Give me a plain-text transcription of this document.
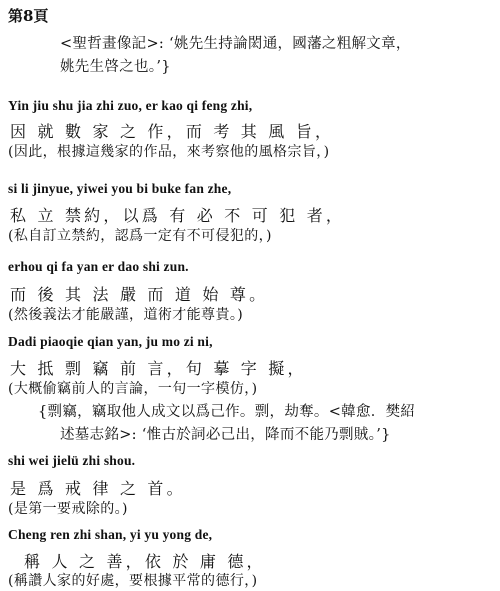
第8頁
<聖哲畫像記>: ‘姚先生持論閎通，國藩之粗解文章，
姚先生啓之也。’}
Yin jiu shu jia zhi zuo, er kao qi feng zhi,
因 就 數 家 之 作，而 考 其 風 旨，
(因此，根據這幾家的作品，來考察他的風格宗旨，)
si li jinyue, yiwei you bi buke fan zhe,
私 立 禁約，以爲 有 必 不 可 犯 者，
(私自訂立禁約，認爲一定有不可侵犯的，)
erhou qi fa yan er dao shi zun.
而 後 其 法 嚴 而 道 始 尊。
(然後義法才能嚴謹，道術才能尊貴。)
Dadi piaoqie qian yan, ju mo zi ni,
大 抵 剽 竊 前 言，句 摹 字 擬，
(大概偷竊前人的言論，一句一字模仿，)
{剽竊，竊取他人成文以爲己作。剽，劫奪。<韓愈．樊紹
述墓志銘>: ‘惟古於詞必己出，降而不能乃剽賊。’}
shi wei jielü zhi shou.
是 爲 戒 律 之 首。
(是第一要戒除的。)
Cheng ren zhi shan, yi yu yong de,
稱 人 之 善，依 於 庸 德，
(稱讚人家的好處，要根據平常的德行，)
